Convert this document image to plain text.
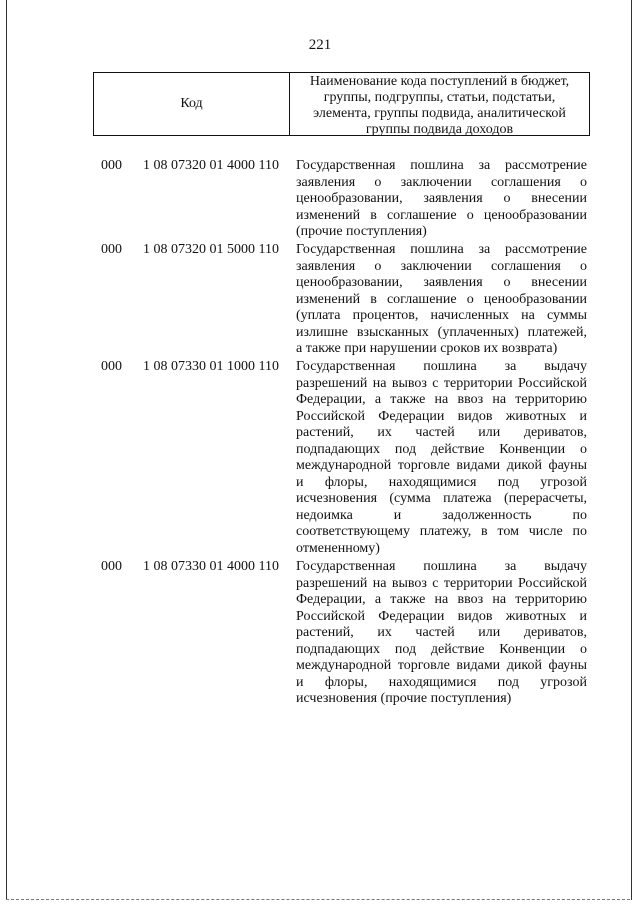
221
Код
Наименование кода поступлений в бюджет,
группы, подгруппы, статьи, подстатьи,
элемента, группы подвида, аналитической
группы подвида доходов
000 1 08 07320 01 4000 110 Государственная пошлина за рассмотрение
заявления о заключении соглашения о
ценообразовании, заявления о внесении
изменений в соглашение о ценообразовании
(прочие поступления)
000 1 08 07320 01 5000 110 Государственная пошлина за рассмотрение
заявления о заключении соглашения о
ценообразовании, заявления о внесении
изменений в соглашение о ценообразовании
(уплата процентов, начисленных на суммы
излишне взысканных (уплаченных) платежей,
а также при нарушении сроков их возврата)
000 1 08 07330 01 1000 110 Государственная пошлина за выдачу
разрешений на вывоз с территории Российской
Федерации, а также на ввоз на территорию
Российской Федерации видов животных и
растений, их частей или дериватов,
подпадающих под действие Конвенции о
международной торговле видами дикой фауны
и флоры, находящимися под угрозой
исчезновения (сумма платежа (перерасчеты,
недоимка и задолженность по
соответствующему платежу, в том числе по
отмененному)
000 1 08 07330 01 4000 110 Государственная пошлина за выдачу
разрешений на вывоз с территории Российской
Федерации, а также на ввоз на территорию
Российской Федерации видов животных и
растений, их частей или дериватов,
подпадающих под действие Конвенции о
международной торговле видами дикой фауны
и флоры, находящимися под угрозой
исчезновения (прочие поступления)
